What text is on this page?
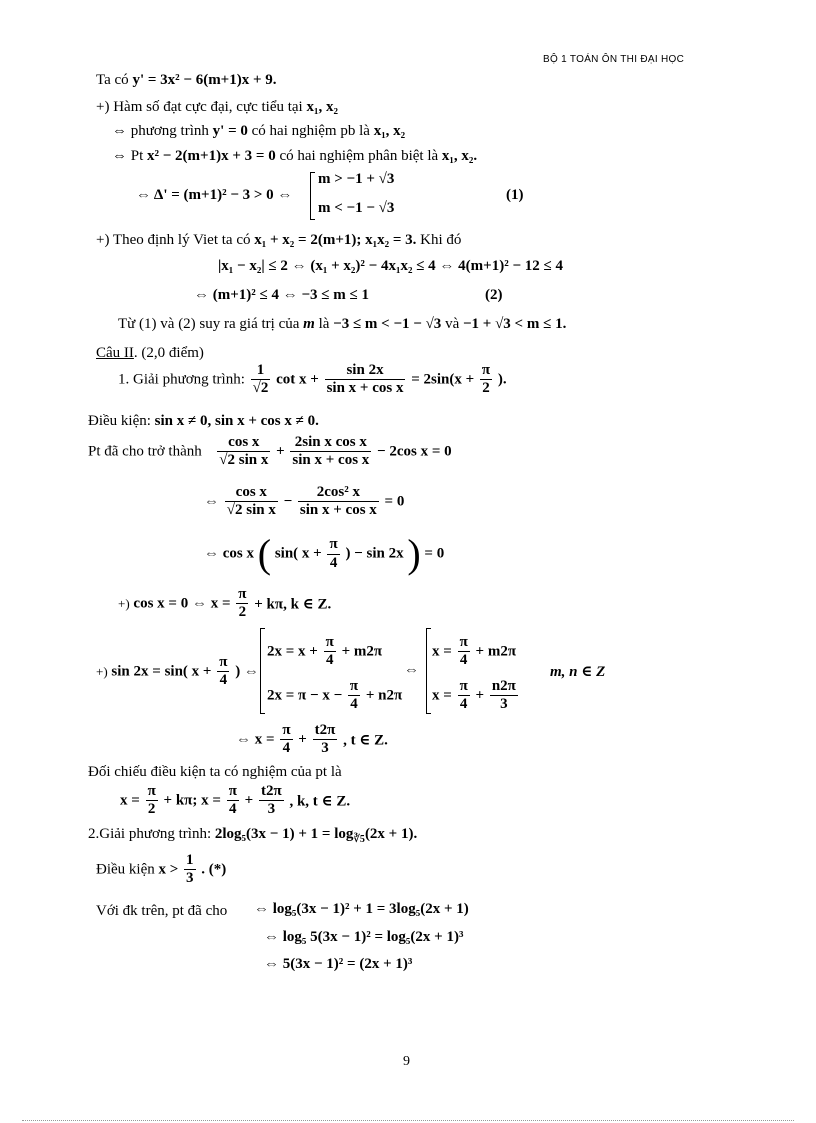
BỘ 1 TOÁN ÔN THI ĐẠI HỌC
Ta có y' = 3x² − 6(m+1)x + 9.
+) Hàm số đạt cực đại, cực tiểu tại x₁, x₂
⇔ phương trình y' = 0 có hai nghiệm pb là x₁, x₂
⇔ Pt x² − 2(m+1)x + 3 = 0 có hai nghiệm phân biệt là x₁, x₂.
⇔ Δ' = (m+1)² − 3 > 0 ⇔
m > −1 + √3
m < −1 − √3
(1)
+) Theo định lý Viet ta có x₁ + x₂ = 2(m+1); x₁x₂ = 3. Khi đó
|x₁ − x₂| ≤ 2 ⇔ (x₁ + x₂)² − 4x₁x₂ ≤ 4 ⇔ 4(m+1)² − 12 ≤ 4
⇔ (m+1)² ≤ 4 ⇔ −3 ≤ m ≤ 1	(2)
Từ (1) và (2) suy ra giá trị của m là −3 ≤ m < −1 − √3 và −1 + √3 < m ≤ 1.
Câu II. (2,0 điểm)
1. Giải phương trình: $\frac{1}{√2}$ $\cot x + \frac{\sin 2x}{\text{sin x + cos x}} = 2\sin(x + \frac{\pi}{2}$ ).
Điều kiện: sin x ≠ 0, sin x + cos x ≠ 0.
Pt đã cho trở thành $\frac{\text{cos x}}{\text{√2 sin x}} + \frac{\text{2sin x cos x}}{\text{sin x + cos x}} - 2\cos$ x = 0
⇔ $\frac{\text{cos x}}{\text{√2 sin x}} - \frac{\text{2cos² x}}{\text{sin x + cos x}} = 0$
⇔ cos x ( sin( $x + \frac{\pi}{4}$ ) − sin 2x ) = 0
+) cos x = 0 ⇔ $x = \frac{\pi}{2} + k\pi$, k ∈ Z.
+) sin 2x = sin( $x + \frac{\pi}{4}$ ) ⇔
$2x = x + \frac{\pi}{4} + m2\pi$
$2x = \pi - x - \frac{\pi}{4} + n2\pi$
⇔
$x = \frac{\pi}{4} + m2\pi$
$x = \frac{\pi}{4} + \frac{n2\pi}{3}$
m, n ∈ Z
⇔ $x = \frac{\pi}{4} + \frac{t2\pi}{3}$ , t ∈ Z.
Đối chiếu điều kiện ta có nghiệm của pt là
$x = \frac{\pi}{2} + k\pi$; $x = \frac{\pi}{4} + \frac{t2\pi}{3}$ , k, t ∈ Z.
2.Giải phương trình: $2\log_5(3x - 1) + 1 = \log_{∛5}(2x + 1)$.
Điều kiện $x > \frac{1}{3}$ . (*)
Với đk trên, pt đã cho ⇔ log₅(3x − 1)² + 1 = 3log₅(2x + 1)
⇔ log₅ 5(3x − 1)² = log₅(2x + 1)³
⇔ 5(3x − 1)² = (2x + 1)³
9
